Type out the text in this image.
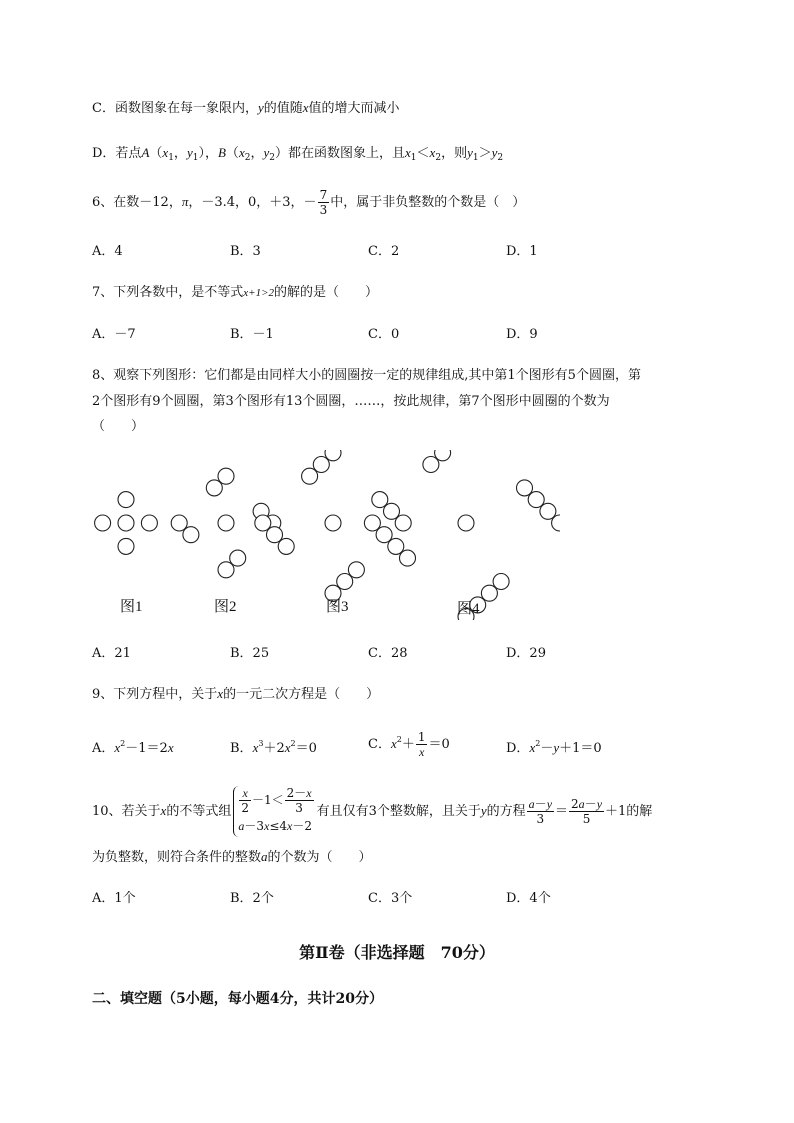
C．函数图象在每一象限内，y的值随x值的增大而减小
D．若点$A(x_1$，$y_1$），$B(x_2$，$y_2$）都在函数图象上，且$x_1<x_2$，则$y_1>y_2$
6、在数－12，π，－3.4，0，＋3，－ $\frac{7}{3}$ 中，属于非负整数的个数是（　）
A．4	B．3	C．2	D．1
7、下列各数中，是不等式x+1>2的解的是（　　）
A．－7	B．－1	C．0	D．9
8、观察下列图形：它们都是由同样大小的圆圈按一定的规律组成,其中第1个图形有5个圆圈，第
2个图形有9个圆圈，第3个图形有13个圆圈，……，按此规律，第7个图形中圆圈的个数为
（　　）
图1	图2	图3	图4
A．21	B．25	C．28	D．29
9、下列方程中，关于x的一元二次方程是（　　）
A．$x^2-1=2x$	B．$x^3+2x^2=0$	C．$x^2+ \frac{1}{x} =0$	D．$x^2-y+1=0$
10、若关于x的不等式组 $\frac{x}{2} -1< \frac{2-x}{3}$
a－3x≤4x－2
有且仅有3个整数解，且关于y的方程 $\frac{a-y}{3} = \frac{2a-y}{5} +1$的解
为负整数，则符合条件的整数a的个数为（　　）
A．1个	B．2个	C．3个	D．4个
第Ⅱ卷（非选择题　70分）
二、填空题（5小题，每小题4分，共计20分）
